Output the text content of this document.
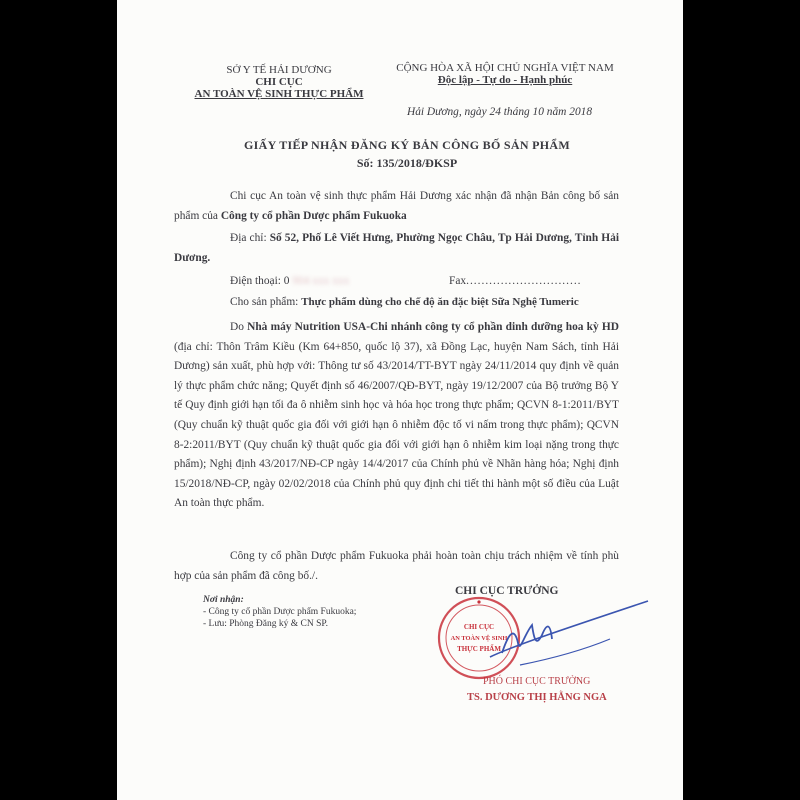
SỞ Y TẾ HẢI DƯƠNG
CHI CỤC
AN TOÀN VỆ SINH THỰC PHẨM
CỘNG HÒA XÃ HỘI CHỦ NGHĨA VIỆT NAM
Độc lập - Tự do - Hạnh phúc
Hải Dương, ngày 24 tháng 10 năm 2018
GIẤY TIẾP NHẬN ĐĂNG KÝ BẢN CÔNG BỐ SẢN PHẨM
Số: 135/2018/ĐKSP
Chi cục An toàn vệ sinh thực phẩm Hải Dương xác nhận đã nhận Bản công bố sản phẩm của Công ty cổ phần Dược phẩm Fukuoka
Địa chỉ: Số 52, Phố Lê Viết Hưng, Phường Ngọc Châu, Tp Hải Dương, Tỉnh Hải Dương.
Điện thoại: 0 904 xxx xxx	Fax..............................
Cho sản phẩm: Thực phẩm dùng cho chế độ ăn đặc biệt Sữa Nghệ Tumeric
Do Nhà máy Nutrition USA-Chi nhánh công ty cổ phần dinh dưỡng hoa kỳ HD (địa chỉ: Thôn Trâm Kiều (Km 64+850, quốc lộ 37), xã Đồng Lạc, huyện Nam Sách, tỉnh Hải Dương) sản xuất, phù hợp với: Thông tư số 43/2014/TT-BYT ngày 24/11/2014 quy định về quản lý thực phẩm chức năng; Quyết định số 46/2007/QĐ-BYT, ngày 19/12/2007 của Bộ trưởng Bộ Y tế Quy định giới hạn tối đa ô nhiễm sinh học và hóa học trong thực phẩm; QCVN 8-1:2011/BYT (Quy chuẩn kỹ thuật quốc gia đối với giới hạn ô nhiễm độc tố vi nấm trong thực phẩm); QCVN 8-2:2011/BYT (Quy chuẩn kỹ thuật quốc gia đối với giới hạn ô nhiễm kim loại nặng trong thực phẩm); Nghị định 43/2017/NĐ-CP ngày 14/4/2017 của Chính phủ về Nhãn hàng hóa; Nghị định 15/2018/NĐ-CP, ngày 02/02/2018 của Chính phủ quy định chi tiết thi hành một số điều của Luật An toàn thực phẩm.
Công ty cổ phần Dược phẩm Fukuoka phải hoàn toàn chịu trách nhiệm về tính phù hợp của sản phẩm đã công bố./.
Nơi nhận:
- Công ty cổ phần Dược phẩm Fukuoka;
- Lưu: Phòng Đăng ký & CN SP.
CHI CỤC TRƯỞNG
PHÓ CHI CỤC TRƯỞNG
TS. DƯƠNG THỊ HẰNG NGA
CHI CỤC
AN TOÀN VỆ SINH
THỰC PHẨM
